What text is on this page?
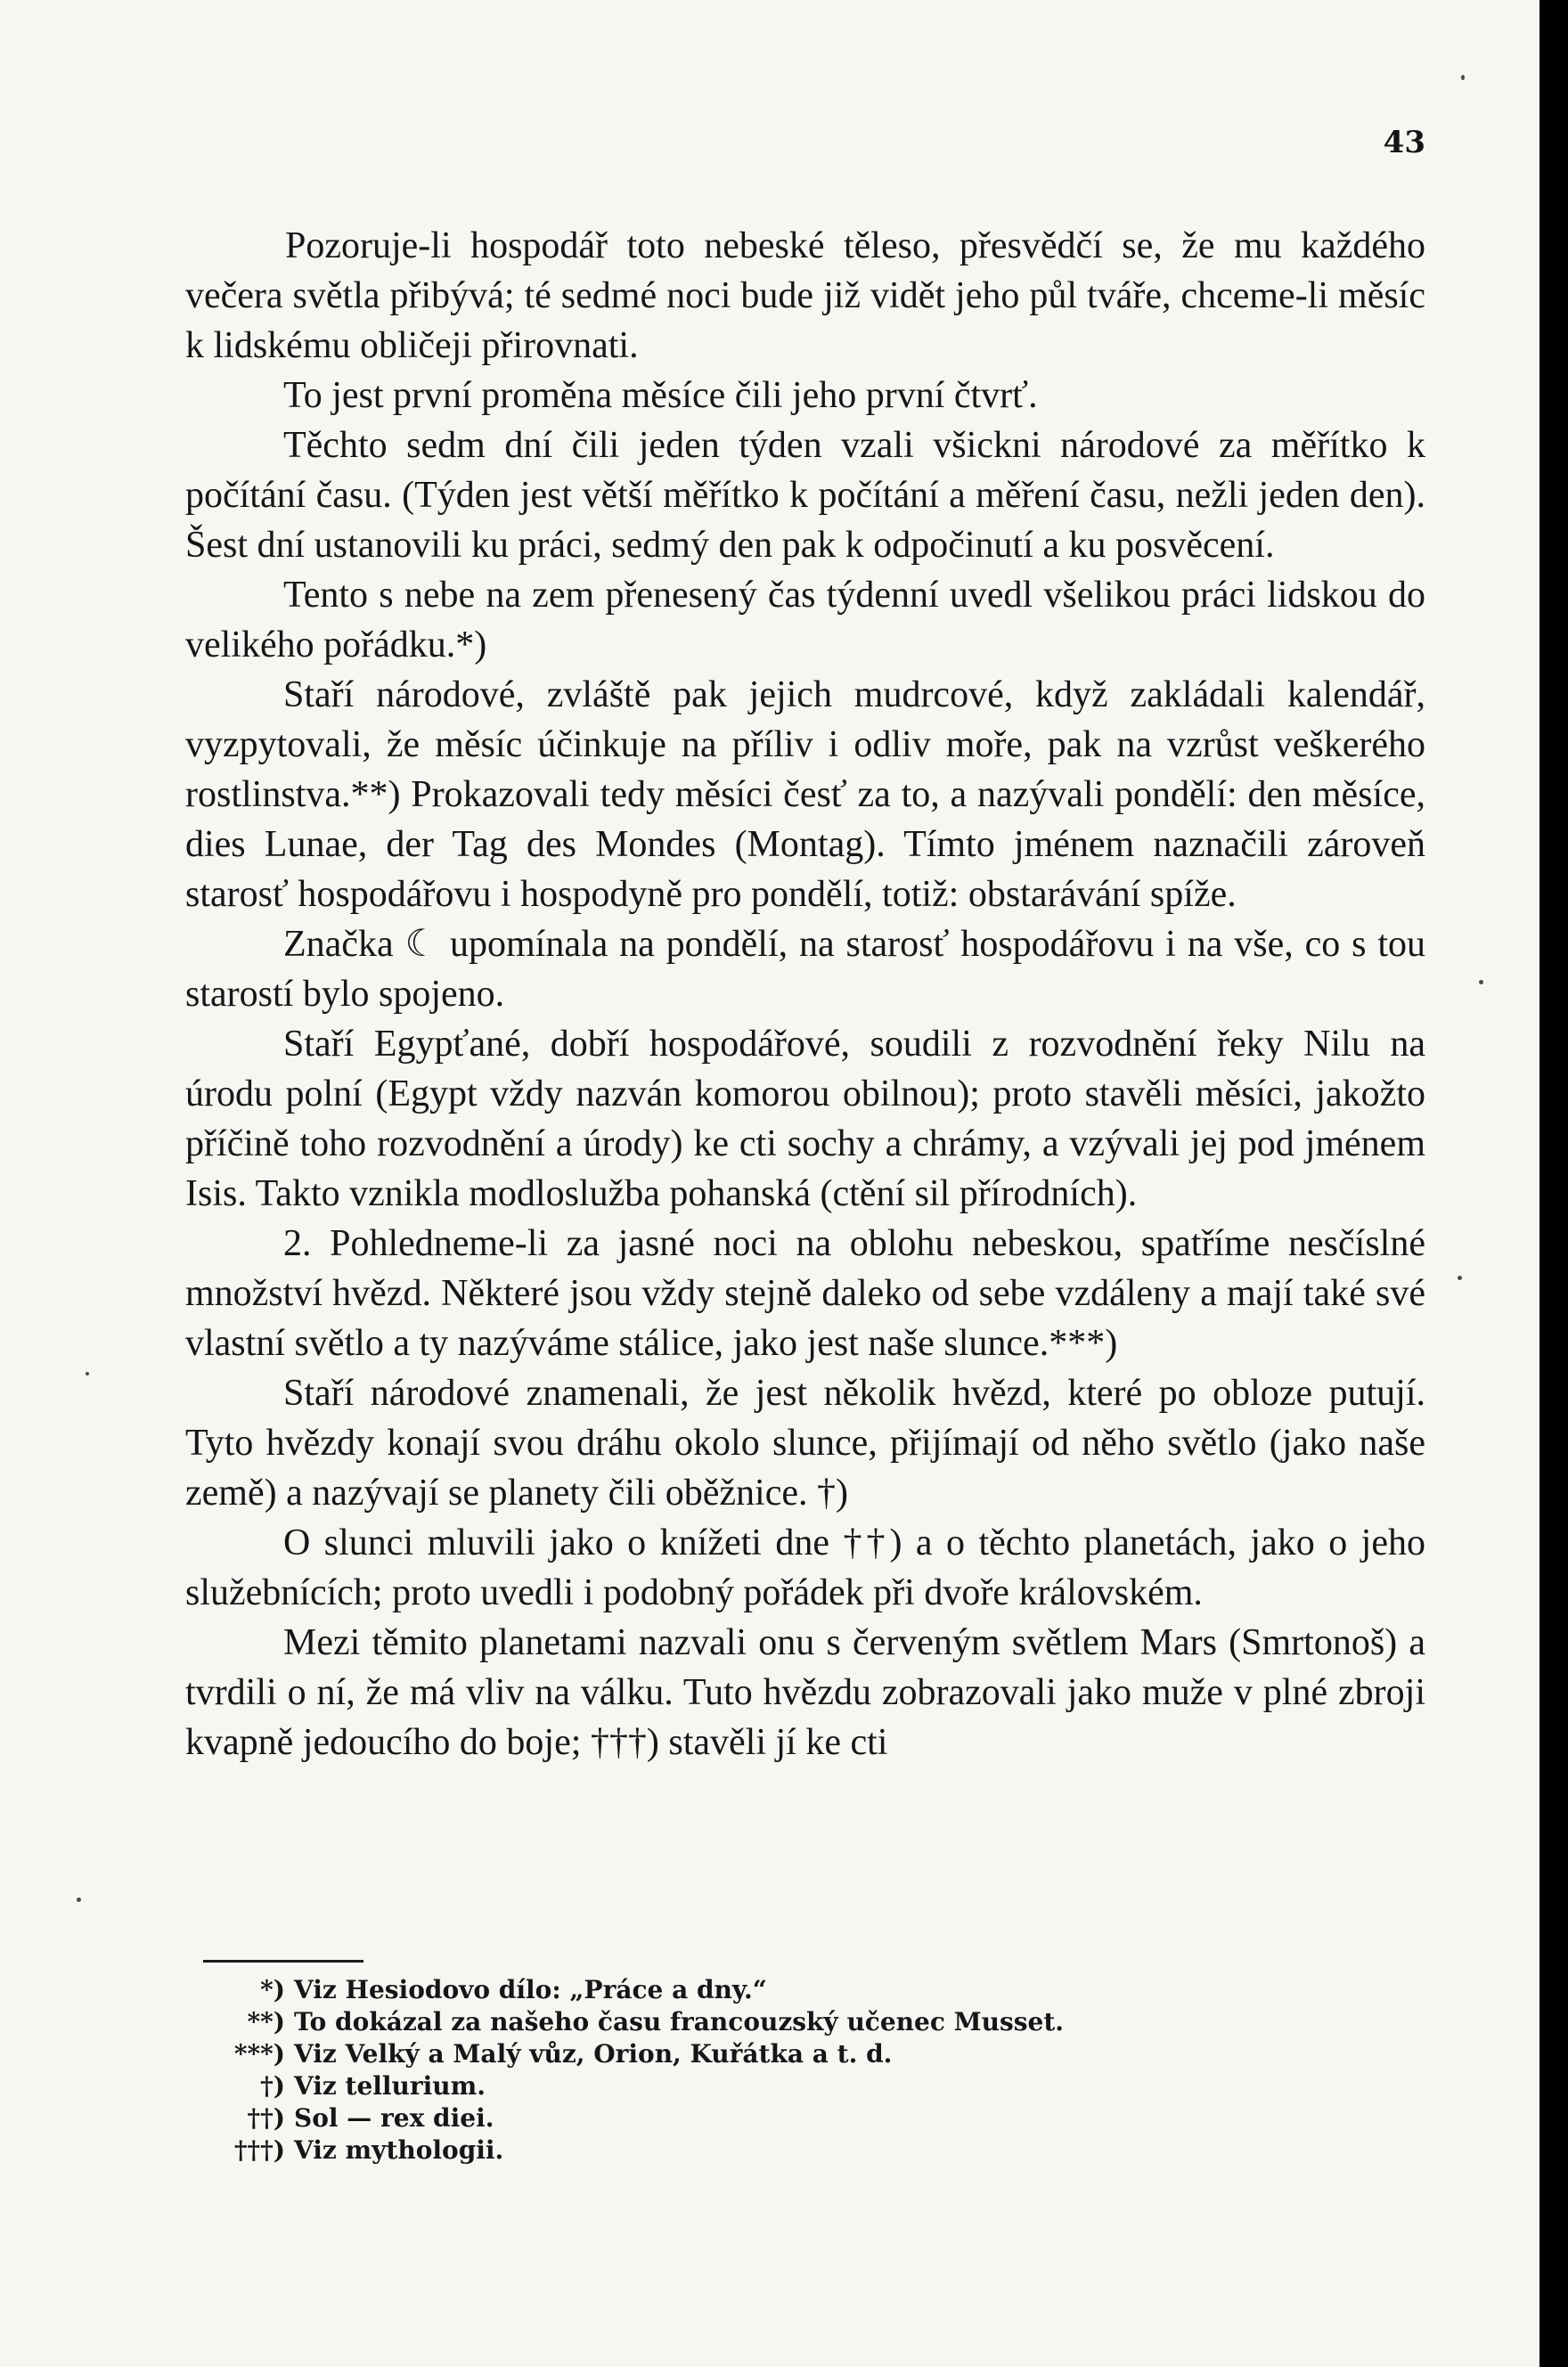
43

Pozoruje-li hospodář toto nebeské těleso, přesvědčí se, že mu každého večera světla přibývá; té sedmé noci bude již vidět jeho půl tváře, chceme-li měsíc k lidskému obličeji přirovnati.

To jest první proměna měsíce čili jeho první čtvrť.

Těchto sedm dní čili jeden týden vzali všickni národové za měřítko k počítání času. (Týden jest větší měřítko k počítání a měření času, nežli jeden den). Šest dní ustanovili ku práci, sedmý den pak k odpočinutí a ku posvěcení.

Tento s nebe na zem přenesený čas týdenní uvedl všelikou práci lidskou do velikého pořádku.*)

Staří národové, zvláště pak jejich mudrcové, když zakládali kalendář, vyzpytovali, že měsíc účinkuje na příliv i odliv moře, pak na vzrůst veškerého rostlinstva.**) Prokazovali tedy měsíci česť za to, a nazývali pondělí: den měsíce, dies Lunae, der Tag des Mondes (Montag). Tímto jménem naznačili zároveň starosť hospodářovu i hospodyně pro pondělí, totiž: obstarávání spíže.

Značka ☾ upomínala na pondělí, na starosť hospodářovu i na vše, co s tou starostí bylo spojeno.

Staří Egypťané, dobří hospodářové, soudili z rozvodnění řeky Nilu na úrodu polní (Egypt vždy nazván komorou obilnou); proto stavěli měsíci, jakožto příčině toho rozvodnění a úrody) ke cti sochy a chrámy, a vzývali jej pod jménem Isis. Takto vznikla modloslužba pohanská (ctění sil přírodních).

2. Pohledneme-li za jasné noci na oblohu nebeskou, spatříme nesčíslné množství hvězd. Některé jsou vždy stejně daleko od sebe vzdáleny a mají také své vlastní světlo a ty nazýváme stálice, jako jest naše slunce.***)

Staří národové znamenali, že jest několik hvězd, které po obloze putují. Tyto hvězdy konají svou dráhu okolo slunce, přijímají od něho světlo (jako naše země) a nazývají se planety čili oběžnice. †)

O slunci mluvili jako o knížeti dne ††) a o těchto planetách, jako o jeho služebnících; proto uvedli i podobný pořádek při dvoře královském.

Mezi těmito planetami nazvali onu s červeným světlem Mars (Smrtonoš) a tvrdili o ní, že má vliv na válku. Tuto hvězdu zobrazovali jako muže v plné zbroji kvapně jedoucího do boje; †††) stavěli jí ke cti

*) Viz Hesiodovo dílo: „Práce a dny.“
**) To dokázal za našeho času francouzský učenec Musset.
***) Viz Velký a Malý vůz, Orion, Kuřátka a t. d.
†) Viz tellurium.
††) Sol — rex diei.
†††) Viz mythologii.
